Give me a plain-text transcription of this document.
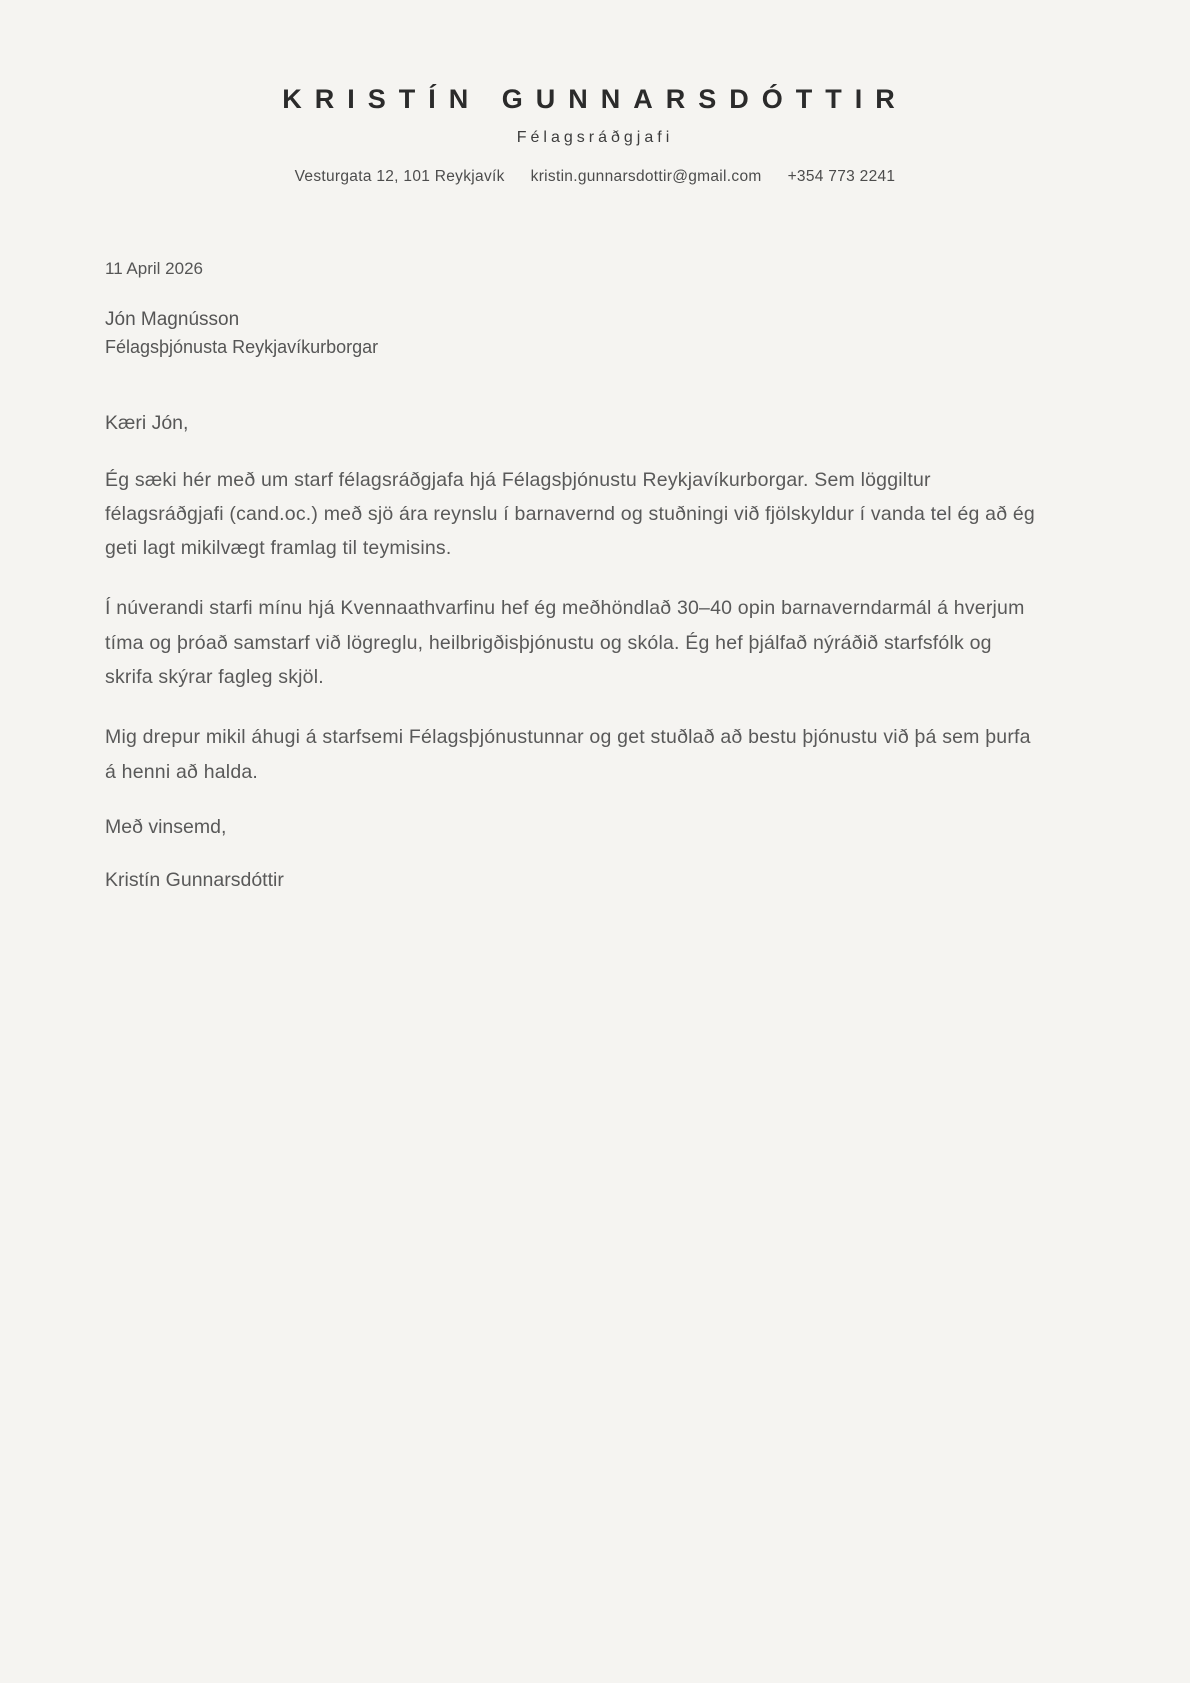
KRISTÍN GUNNARSDÓTTIR
Félagsráðgjafi
Vesturgata 12, 101 Reykjavík kristin.gunnarsdottir@gmail.com +354 773 2241
11 April 2026
Jón Magnússon
Félagsþjónusta Reykjavíkurborgar
Kæri Jón,

Ég sæki hér með um starf félagsráðgjafa hjá Félagsþjónustu Reykjavíkurborgar. Sem löggiltur félagsráðgjafi (cand.oc.) með sjö ára reynslu í barnavernd og stuðningi við fjölskyldur í vanda tel ég að ég geti lagt mikilvægt framlag til teymisins.

Í núverandi starfi mínu hjá Kvennaathvarfinu hef ég meðhöndlað 30–40 opin barnaverndarmál á hverjum tíma og þróað samstarf við lögreglu, heilbrigðisþjónustu og skóla. Ég hef þjálfað nýráðið starfsfólk og skrifa skýrar fagleg skjöl.

Mig drepur mikil áhugi á starfsemi Félagsþjónustunnar og get stuðlað að bestu þjónustu við þá sem þurfa á henni að halda.

Með vinsemd,
Kristín Gunnarsdóttir
